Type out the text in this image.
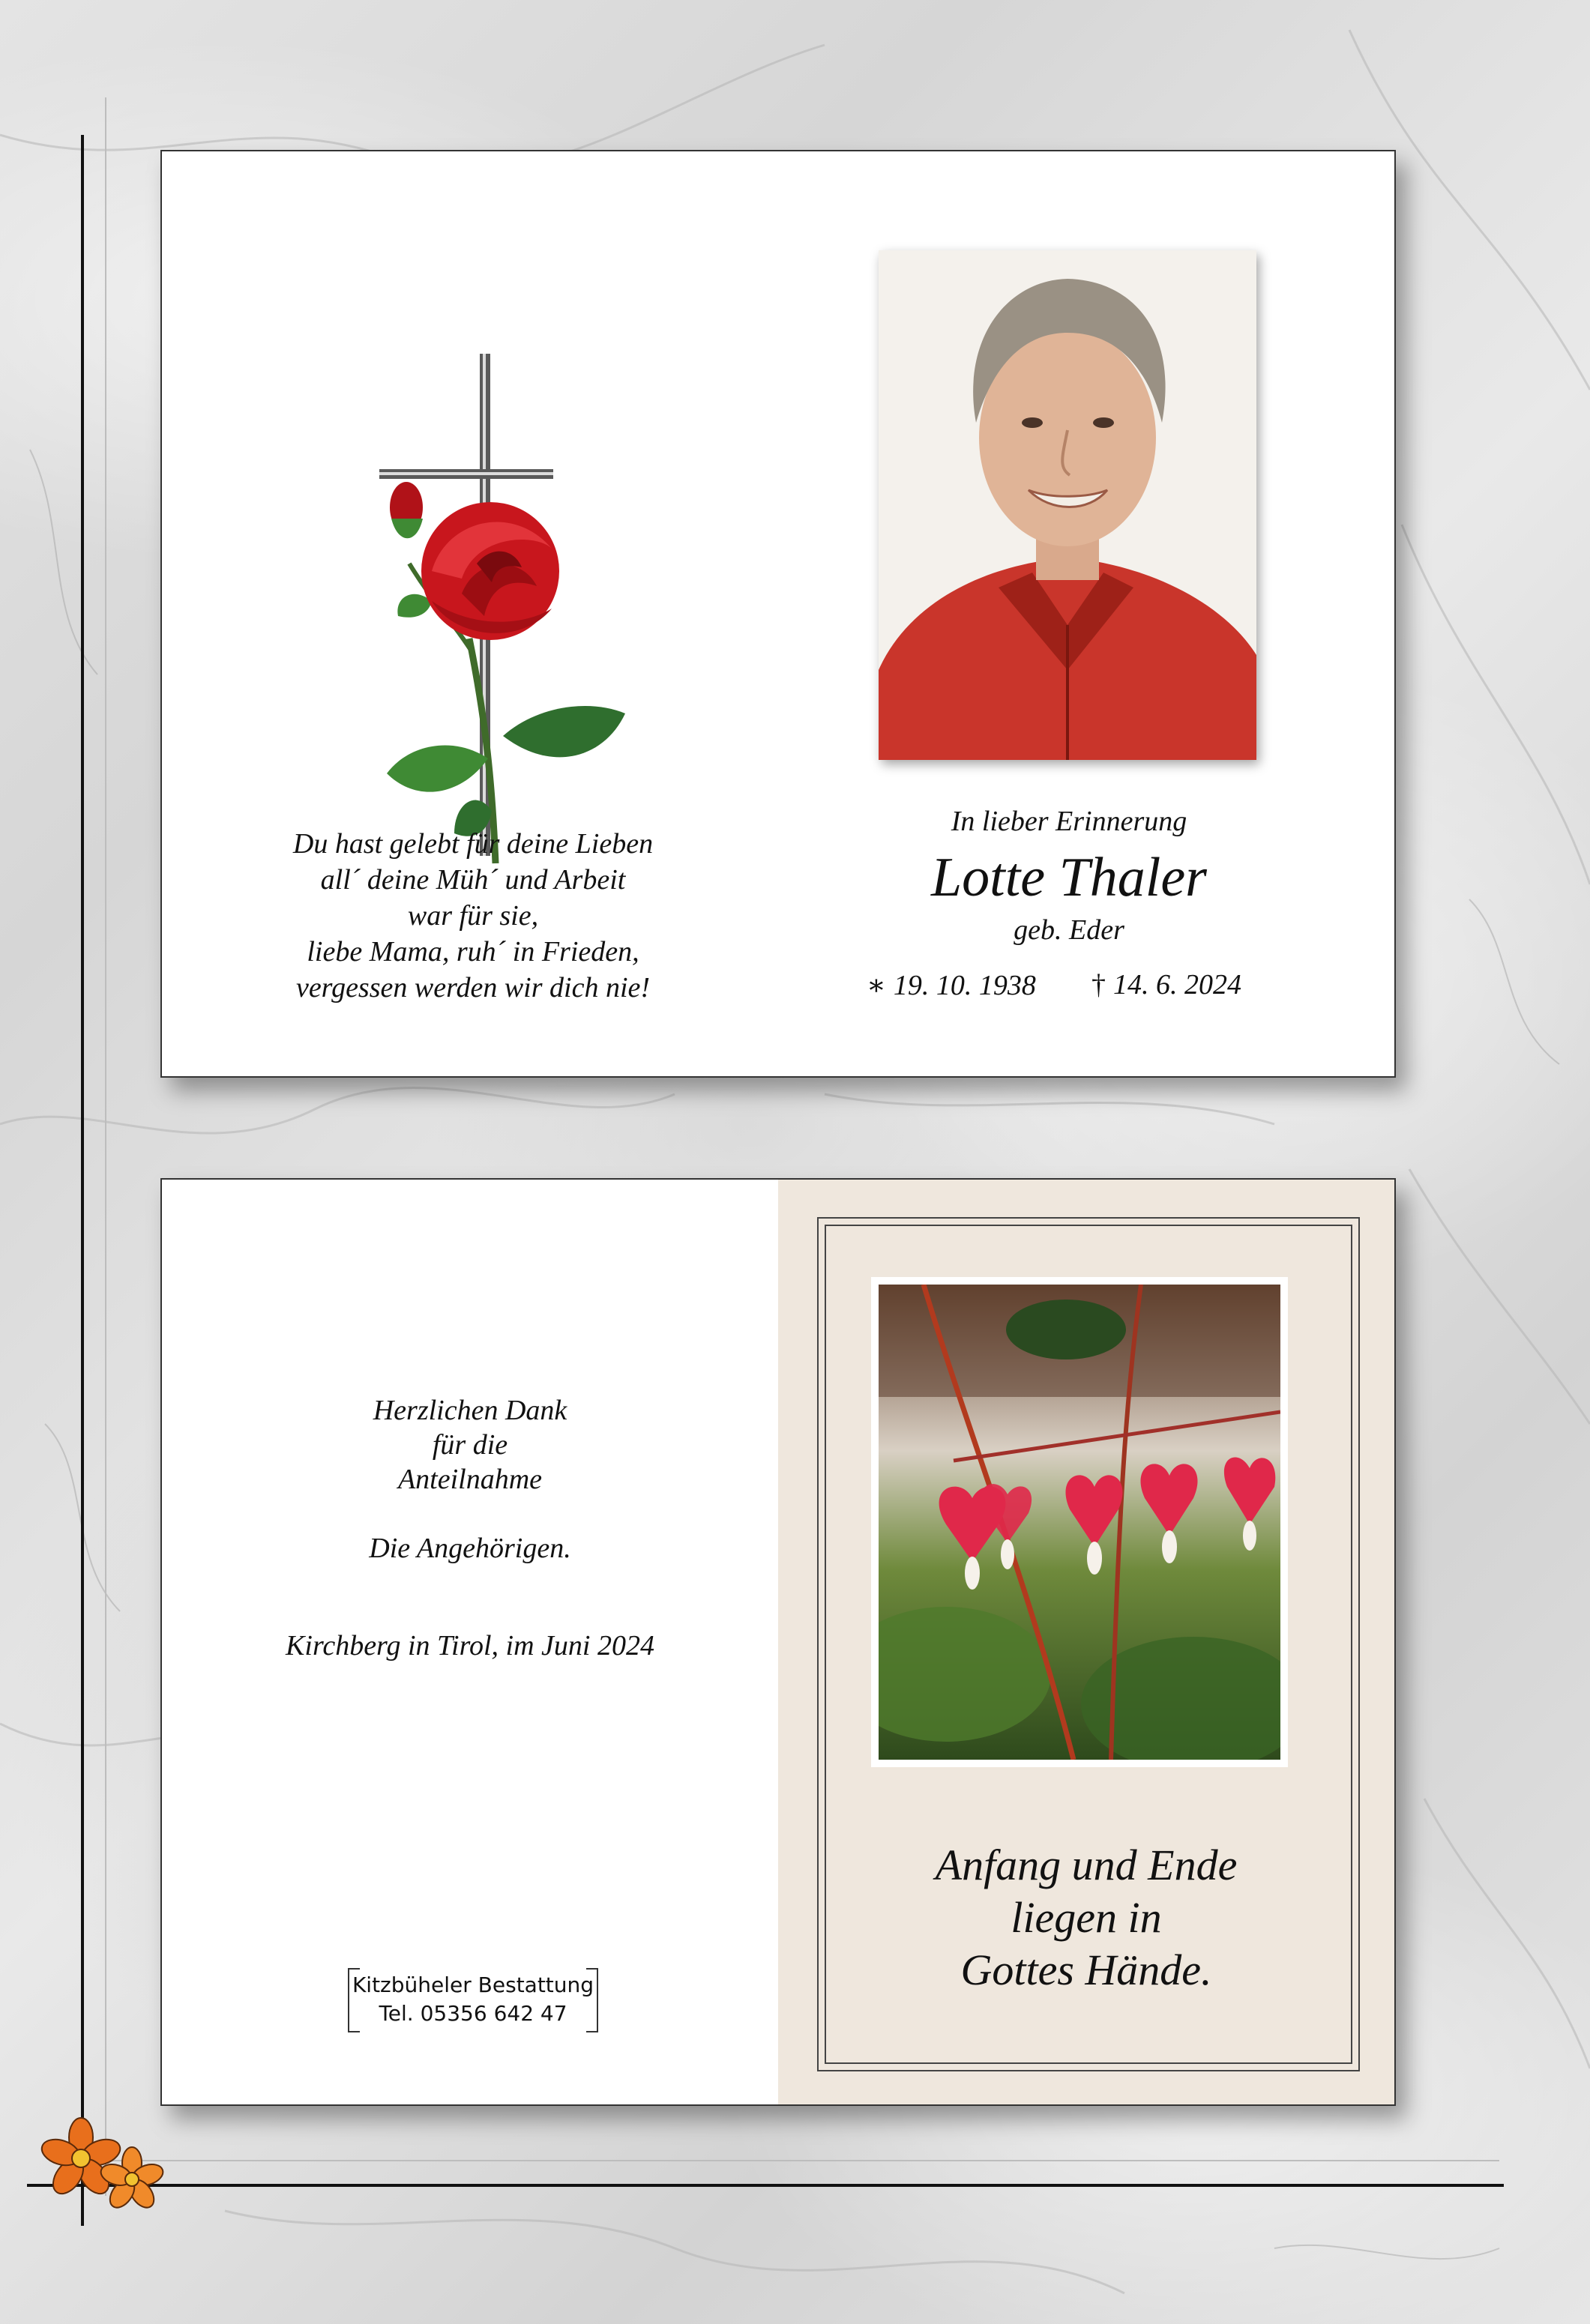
Du hast gelebt für deine Lieben
all´ deine Müh´ und Arbeit
war für sie,
liebe Mama, ruh´ in Frieden,
vergessen werden wir dich nie!
In lieber Erinnerung
Lotte Thaler
geb. Eder
∗ 19. 10. 1938 † 14. 6. 2024
Herzlichen Dank
für die
Anteilnahme
Die Angehörigen.
Kirchberg in Tirol, im Juni 2024
Kitzbüheler Bestattung
Tel. 05356 642 47
Anfang und Ende
liegen in
Gottes Hände.
